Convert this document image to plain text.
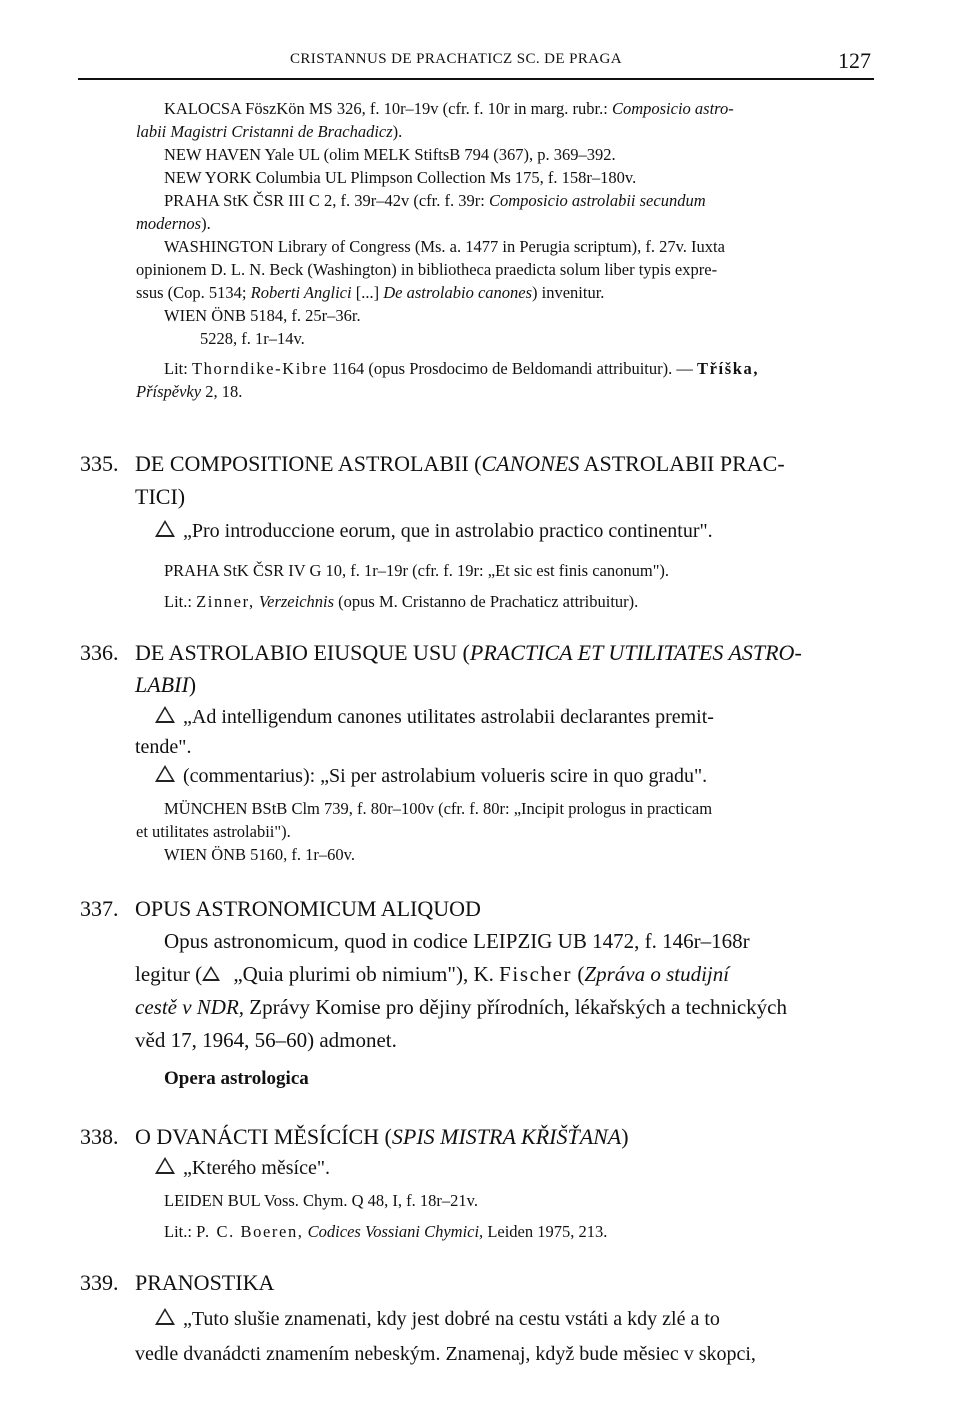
CRISTANNUS DE PRACHATICZ SC. DE PRAGA	127
KALOCSA FöszKön MS 326, f. 10r–19v (cfr. f. 10r in marg. rubr.: Composicio astro-
labii Magistri Cristanni de Brachadicz).
NEW HAVEN Yale UL (olim MELK StiftsB 794 (367), p. 369–392.
NEW YORK Columbia UL Plimpson Collection Ms 175, f. 158r–180v.
PRAHA StK ČSR III C 2, f. 39r–42v (cfr. f. 39r: Composicio astrolabii secundum
modernos).
WASHINGTON Library of Congress (Ms. a. 1477 in Perugia scriptum), f. 27v. Iuxta
opinionem D. L. N. Beck (Washington) in bibliotheca praedicta solum liber typis expre-
ssus (Cop. 5134; Roberti Anglici [...] De astrolabio canones) invenitur.
WIEN ÖNB 5184, f. 25r–36r.
5228, f. 1r–14v.
Lit: Thorndike-Kibre 1164 (opus Prosdocimo de Beldomandi attribuitur). — Tříška,
Příspěvky 2, 18.
335. DE COMPOSITIONE ASTROLABII (CANONES ASTROLABII PRAC-
TICI)
„Pro introduccione eorum, que in astrolabio practico continentur".
PRAHA StK ČSR IV G 10, f. 1r–19r (cfr. f. 19r: „Et sic est finis canonum").
Lit.: Zinner, Verzeichnis (opus M. Cristanno de Prachaticz attribuitur).
336. DE ASTROLABIO EIUSQUE USU (PRACTICA ET UTILITATES ASTRO-
LABII)
„Ad intelligendum canones utilitates astrolabii declarantes premit-
tende".
(commentarius): „Si per astrolabium volueris scire in quo gradu".
MÜNCHEN BStB Clm 739, f. 80r–100v (cfr. f. 80r: „Incipit prologus in practicam
et utilitates astrolabii").
WIEN ÖNB 5160, f. 1r–60v.
337. OPUS ASTRONOMICUM ALIQUOD
Opus astronomicum, quod in codice LEIPZIG UB 1472, f. 146r–168r
legitur ( „Quia plurimi ob nimium"), K. Fischer (Zpráva o studijní
cestě v NDR, Zprávy Komise pro dějiny přírodních, lékařských a technických
věd 17, 1964, 56–60) admonet.
Opera astrologica
338. O DVANÁCTI MĚSÍCÍCH (SPIS MISTRA KŘIŠŤANA)
„Kterého měsíce".
LEIDEN BUL Voss. Chym. Q 48, I, f. 18r–21v.
Lit.: P. C. Boeren, Codices Vossiani Chymici, Leiden 1975, 213.
339. PRANOSTIKA
„Tuto slušie znamenati, kdy jest dobré na cestu vstáti a kdy zlé a to
vedle dvanádcti znamením nebeským. Znamenaj, když bude měsiec v skopci,
